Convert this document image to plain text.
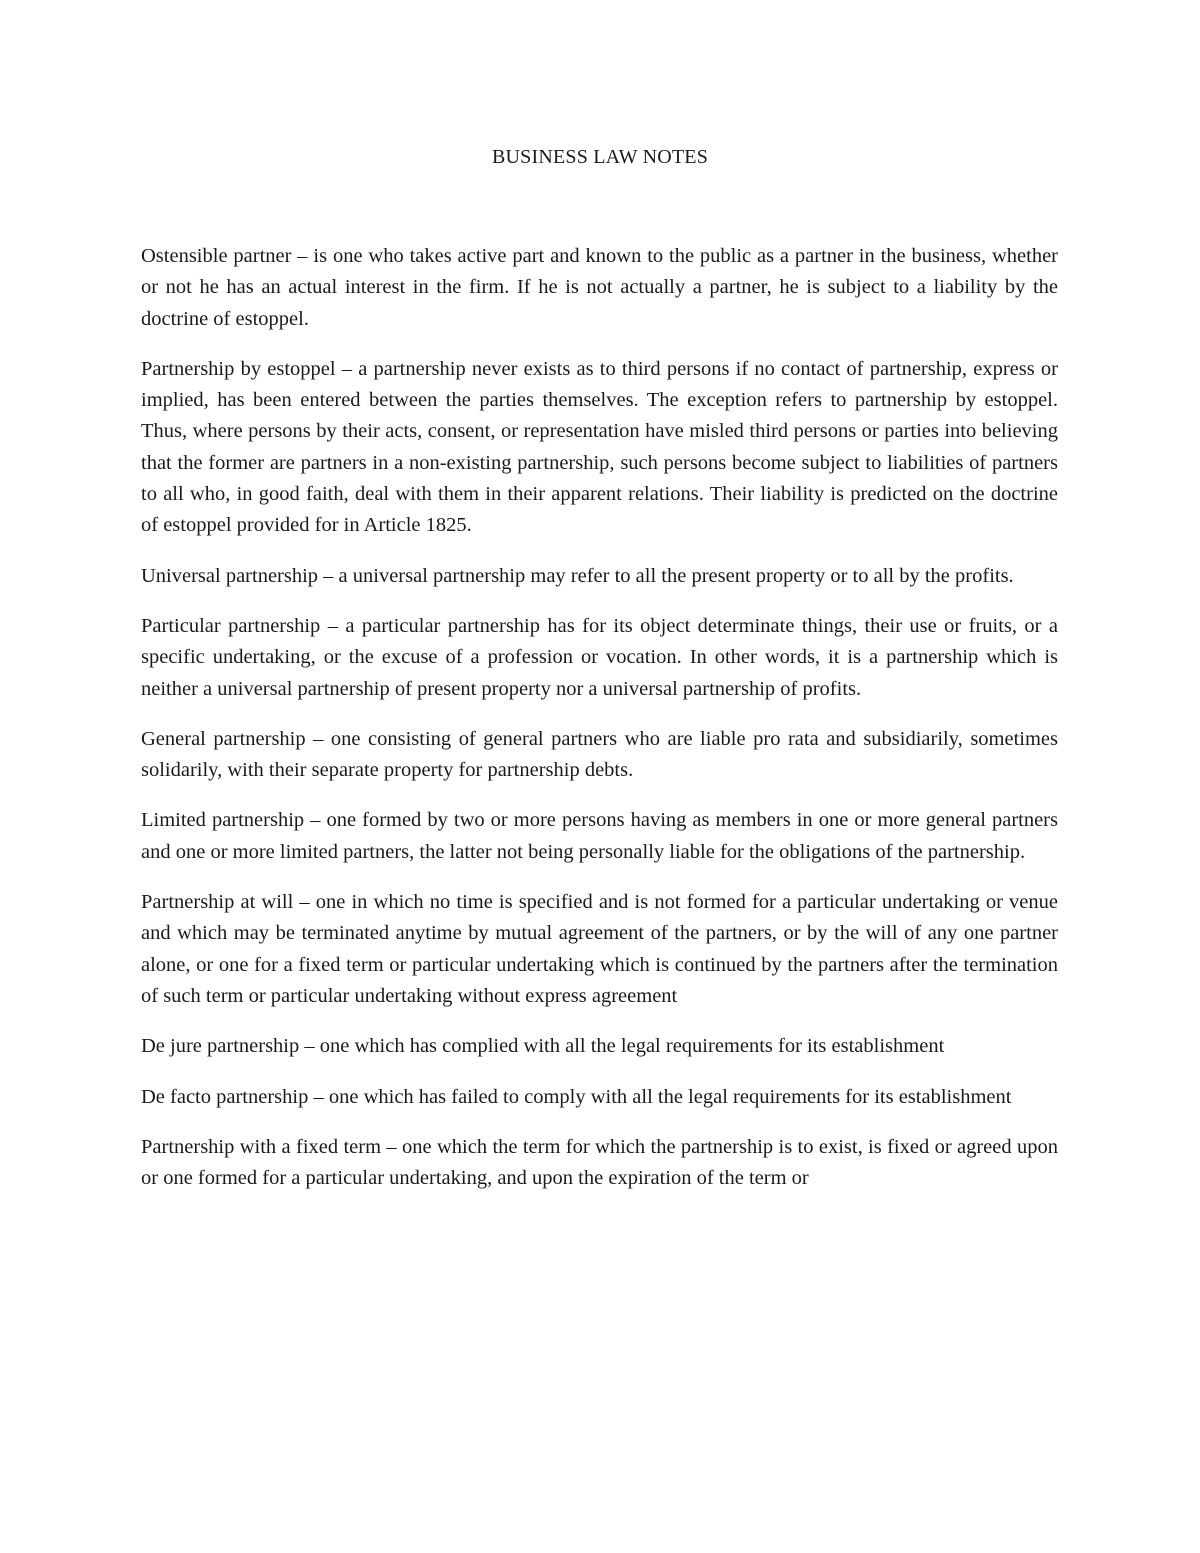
BUSINESS LAW NOTES

Ostensible partner – is one who takes active part and known to the public as a partner in the business, whether or not he has an actual interest in the firm. If he is not actually a partner, he is subject to a liability by the doctrine of estoppel.

Partnership by estoppel – a partnership never exists as to third persons if no contact of partnership, express or implied, has been entered between the parties themselves. The exception refers to partnership by estoppel. Thus, where persons by their acts, consent, or representation have misled third persons or parties into believing that the former are partners in a non-existing partnership, such persons become subject to liabilities of partners to all who, in good faith, deal with them in their apparent relations. Their liability is predicted on the doctrine of estoppel provided for in Article 1825.

Universal partnership – a universal partnership may refer to all the present property or to all by the profits.

Particular partnership – a particular partnership has for its object determinate things, their use or fruits, or a specific undertaking, or the excuse of a profession or vocation. In other words, it is a partnership which is neither a universal partnership of present property nor a universal partnership of profits.

General partnership – one consisting of general partners who are liable pro rata and subsidiarily, sometimes solidarily, with their separate property for partnership debts.

Limited partnership – one formed by two or more persons having as members in one or more general partners and one or more limited partners, the latter not being personally liable for the obligations of the partnership.

Partnership at will – one in which no time is specified and is not formed for a particular undertaking or venue and which may be terminated anytime by mutual agreement of the partners, or by the will of any one partner alone, or one for a fixed term or particular undertaking which is continued by the partners after the termination of such term or particular undertaking without express agreement

De jure partnership – one which has complied with all the legal requirements for its establishment

De facto partnership – one which has failed to comply with all the legal requirements for its establishment

Partnership with a fixed term – one which the term for which the partnership is to exist, is fixed or agreed upon or one formed for a particular undertaking, and upon the expiration of the term or
